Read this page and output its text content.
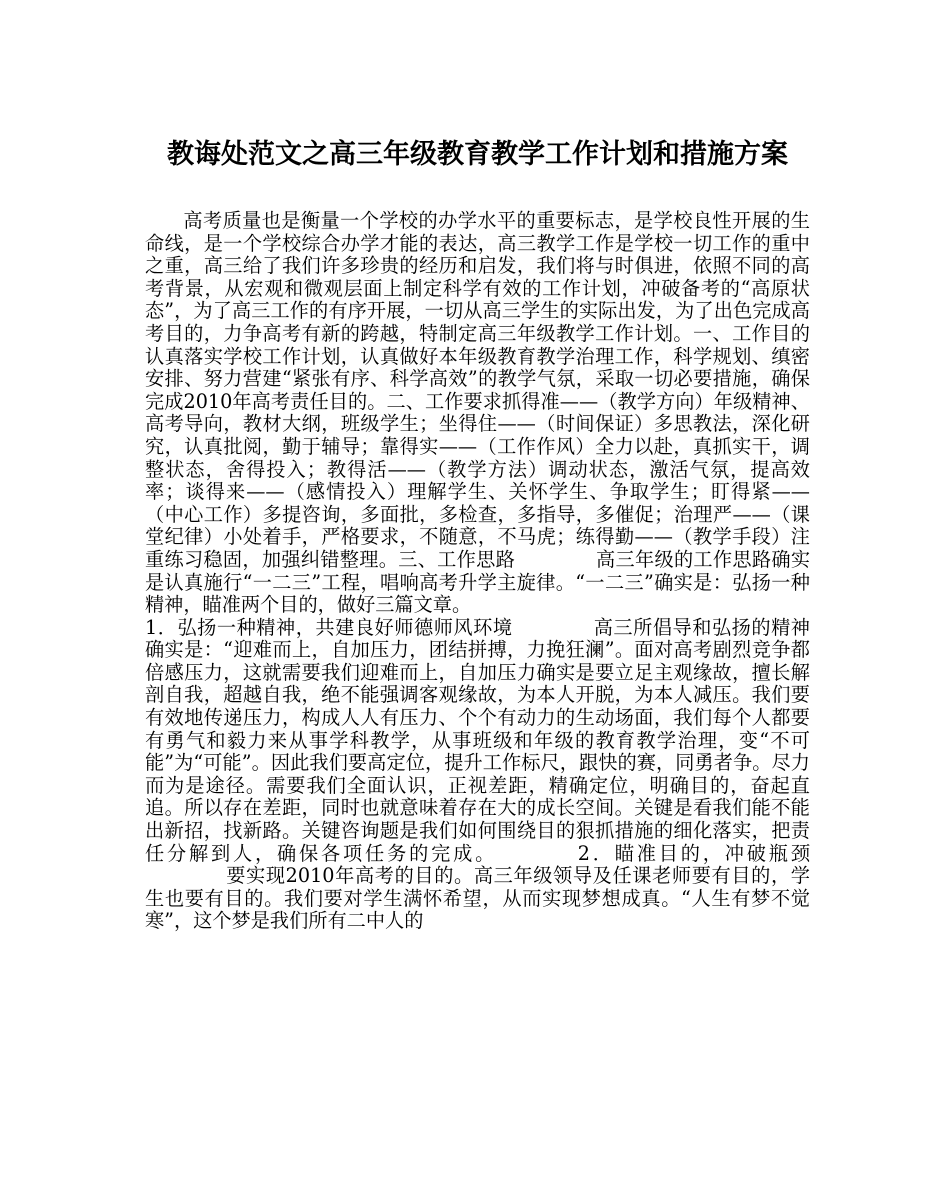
教诲处范文之高三年级教育教学工作计划和措施方案

高考质量也是衡量一个学校的办学水平的重要标志，是学校良性开展的生命线，是一个学校综合办学才能的表达，高三教学工作是学校一切工作的重中之重，高三给了我们许多珍贵的经历和启发，我们将与时俱进，依照不同的高考背景，从宏观和微观层面上制定科学有效的工作计划，冲破备考的“高原状态”，为了高三工作的有序开展，一切从高三学生的实际出发，为了出色完成高考目的，力争高考有新的跨越，特制定高三年级教学工作计划。一、工作目的认真落实学校工作计划，认真做好本年级教育教学治理工作，科学规划、缜密安排、努力营建“紧张有序、科学高效”的教学气氛，采取一切必要措施，确保完成2010年高考责任目的。二、工作要求抓得准——（教学方向）年级精神、高考导向，教材大纲，班级学生；坐得住——（时间保证）多思教法，深化研究，认真批阅，勤于辅导；靠得实——（工作作风）全力以赴，真抓实干，调整状态，舍得投入；教得活——（教学方法）调动状态，激活气氛，提高效率；谈得来——（感情投入）理解学生、关怀学生、争取学生；盯得紧——（中心工作）多提咨询，多面批，多检查，多指导，多催促；治理严——（课堂纪律）小处着手，严格要求，不随意，不马虎；练得勤——（教学手段）注重练习稳固，加强纠错整理。三、工作思路	高三年级的工作思路确实是认真施行“一二三”工程，唱响高考升学主旋律。“一二三”确实是：弘扬一种精神，瞄准两个目的，做好三篇文章。

1．弘扬一种精神，共建良好师德师风环境	高三所倡导和弘扬的精神确实是：“迎难而上，自加压力，团结拼搏，力挽狂澜”。面对高考剧烈竞争都倍感压力，这就需要我们迎难而上，自加压力确实是要立足主观缘故，擅长解剖自我，超越自我，绝不能强调客观缘故，为本人开脱，为本人减压。我们要有效地传递压力，构成人人有压力、个个有动力的生动场面，我们每个人都要有勇气和毅力来从事学科教学，从事班级和年级的教育教学治理，变“不可能”为“可能”。因此我们要高定位，提升工作标尺，跟快的赛，同勇者争。尽力而为是途径。需要我们全面认识，正视差距，精确定位，明确目的，奋起直追。所以存在差距，同时也就意味着存在大的成长空间。关键是看我们能不能出新招，找新路。关键咨询题是我们如何围绕目的狠抓措施的细化落实，把责任分解到人，确保各项任务的完成。	2．瞄准目的，冲破瓶颈要实现2010年高考的目的。高三年级领导及任课老师要有目的，学生也要有目的。我们要对学生满怀希望，从而实现梦想成真。“人生有梦不觉寒”，这个梦是我们所有二中人的
